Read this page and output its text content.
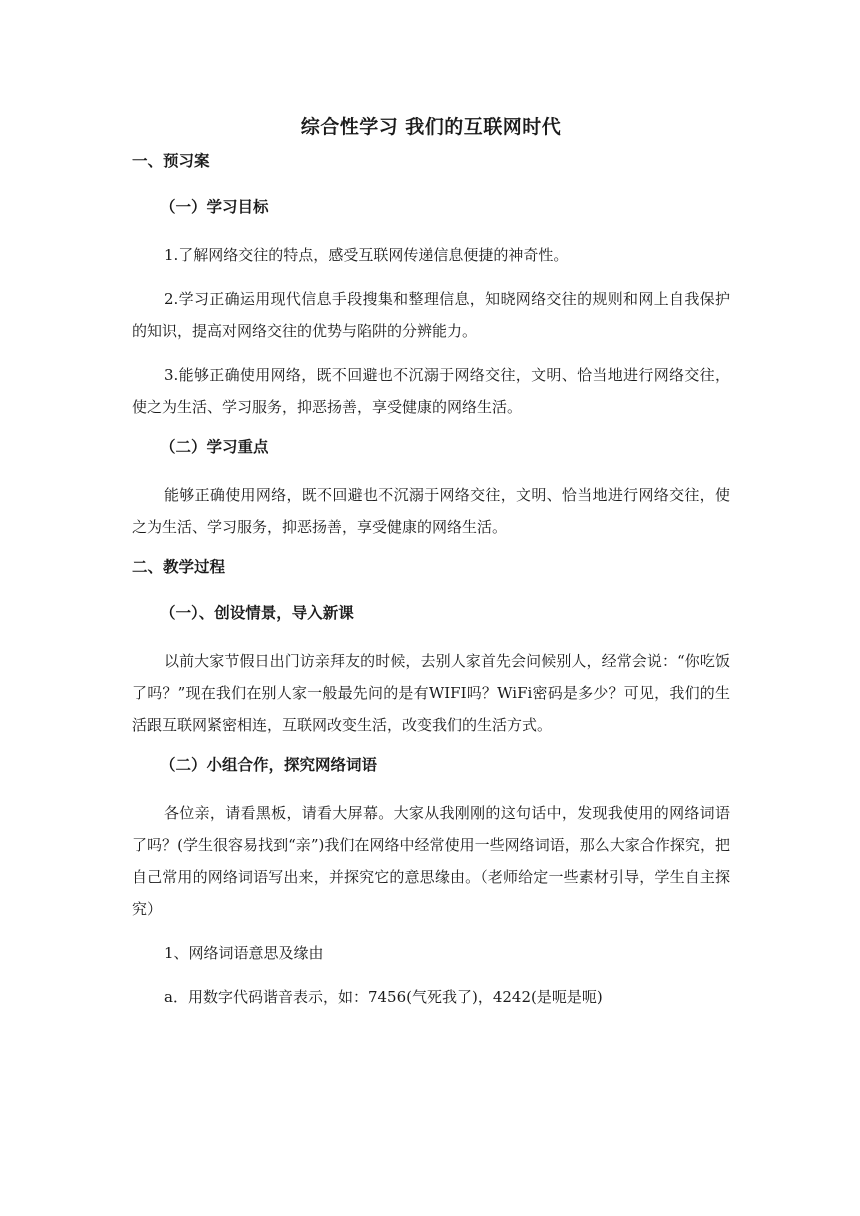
综合性学习 我们的互联网时代
一、预习案
（一）学习目标

1.了解网络交往的特点，感受互联网传递信息便捷的神奇性。

2.学习正确运用现代信息手段搜集和整理信息，知晓网络交往的规则和网上自我保护的知识，提高对网络交往的优势与陷阱的分辨能力。

3.能够正确使用网络，既不回避也不沉溺于网络交往，文明、恰当地进行网络交往，使之为生活、学习服务，抑恶扬善，享受健康的网络生活。

（二）学习重点

能够正确使用网络，既不回避也不沉溺于网络交往，文明、恰当地进行网络交往，使之为生活、学习服务，抑恶扬善，享受健康的网络生活。

二、教学过程
（一）、创设情景，导入新课

以前大家节假日出门访亲拜友的时候，去别人家首先会问候别人，经常会说：“你吃饭了吗？”现在我们在别人家一般最先问的是有WIFI吗？WiFi密码是多少？可见，我们的生活跟互联网紧密相连，互联网改变生活，改变我们的生活方式。

（二）小组合作，探究网络词语

各位亲，请看黑板，请看大屏幕。大家从我刚刚的这句话中，发现我使用的网络词语了吗？(学生很容易找到“亲”)我们在网络中经常使用一些网络词语，那么大家合作探究，把自己常用的网络词语写出来，并探究它的意思缘由。（老师给定一些素材引导，学生自主探究）

1、网络词语意思及缘由

a．用数字代码谐音表示，如：7456(气死我了)，4242(是呃是呃)
